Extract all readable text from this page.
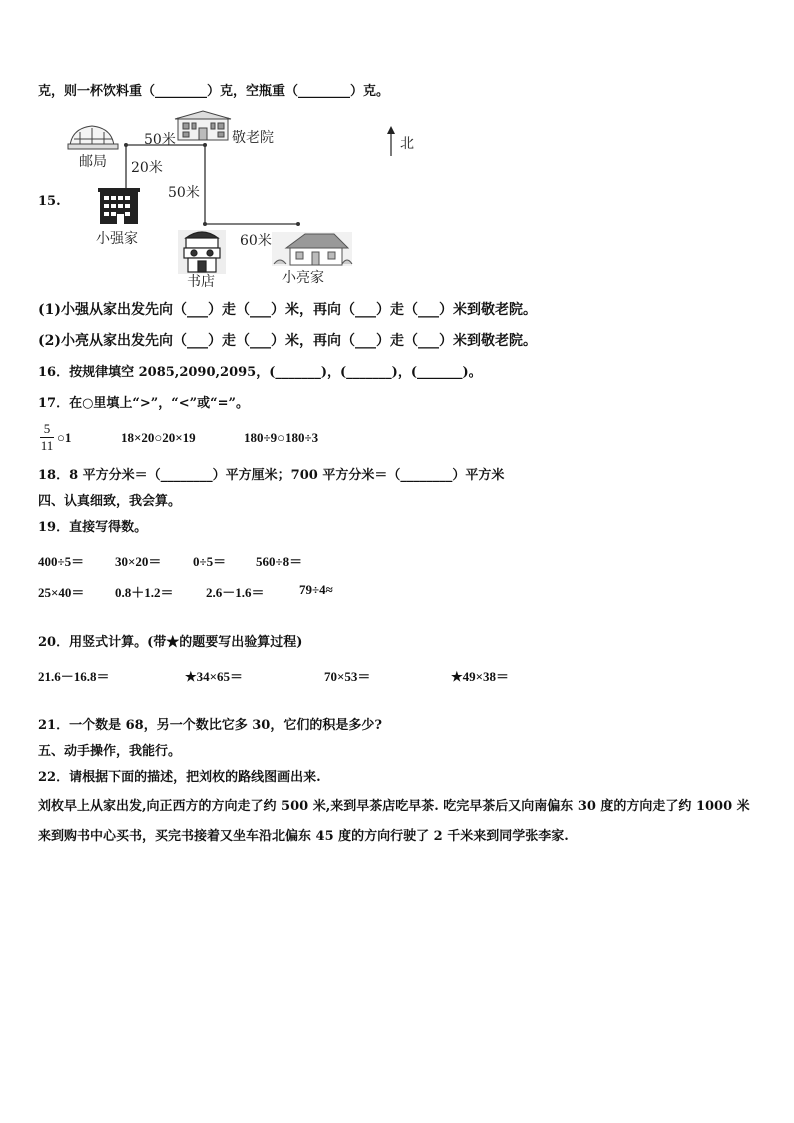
克，则一杯饮料重（________）克，空瓶重（________）克。
邮局
50米	敬老院	北
20米
50米
小强家	60米
小亮家
书店
15.
(1)小强从家出发先向（___）走（___）米，再向（___）走（___）米到敬老院。
(2)小亮从家出发先向（___）走（___）米，再向（___）走（___）米到敬老院。
16．按规律填空 2085,2090,2095，(_______)，(_______)，(_______)。
17．在○里填上“>”，“<”或“=”。
$\frac{5}{11}$ ○1	18×20○20×19	180÷9○180÷3
18．8 平方分米＝（________）平方厘米；700 平方分米＝（________）平方米
四、认真细致，我会算。
19．直接写得数。
400÷5＝ 30×20＝ 0÷5＝ 560÷8＝
25×40＝ 0.8＋1.2＝ 2.6－1.6＝	79÷4≈
20．用竖式计算。(带★的题要写出验算过程)
21.6－16.8＝	★34×65＝	70×53＝	★49×38＝
21．一个数是 68，另一个数比它多 30，它们的积是多少?
五、动手操作，我能行。
22．请根据下面的描述，把刘枚的路线图画出来.
刘枚早上从家出发,向正西方的方向走了约 500 米,来到早茶店吃早茶. 吃完早茶后又向南偏东 30 度的方向走了约 1000 米来到购书中心买书，买完书接着又坐车沿北偏东 45 度的方向行驶了 2 千米来到同学张李家.
